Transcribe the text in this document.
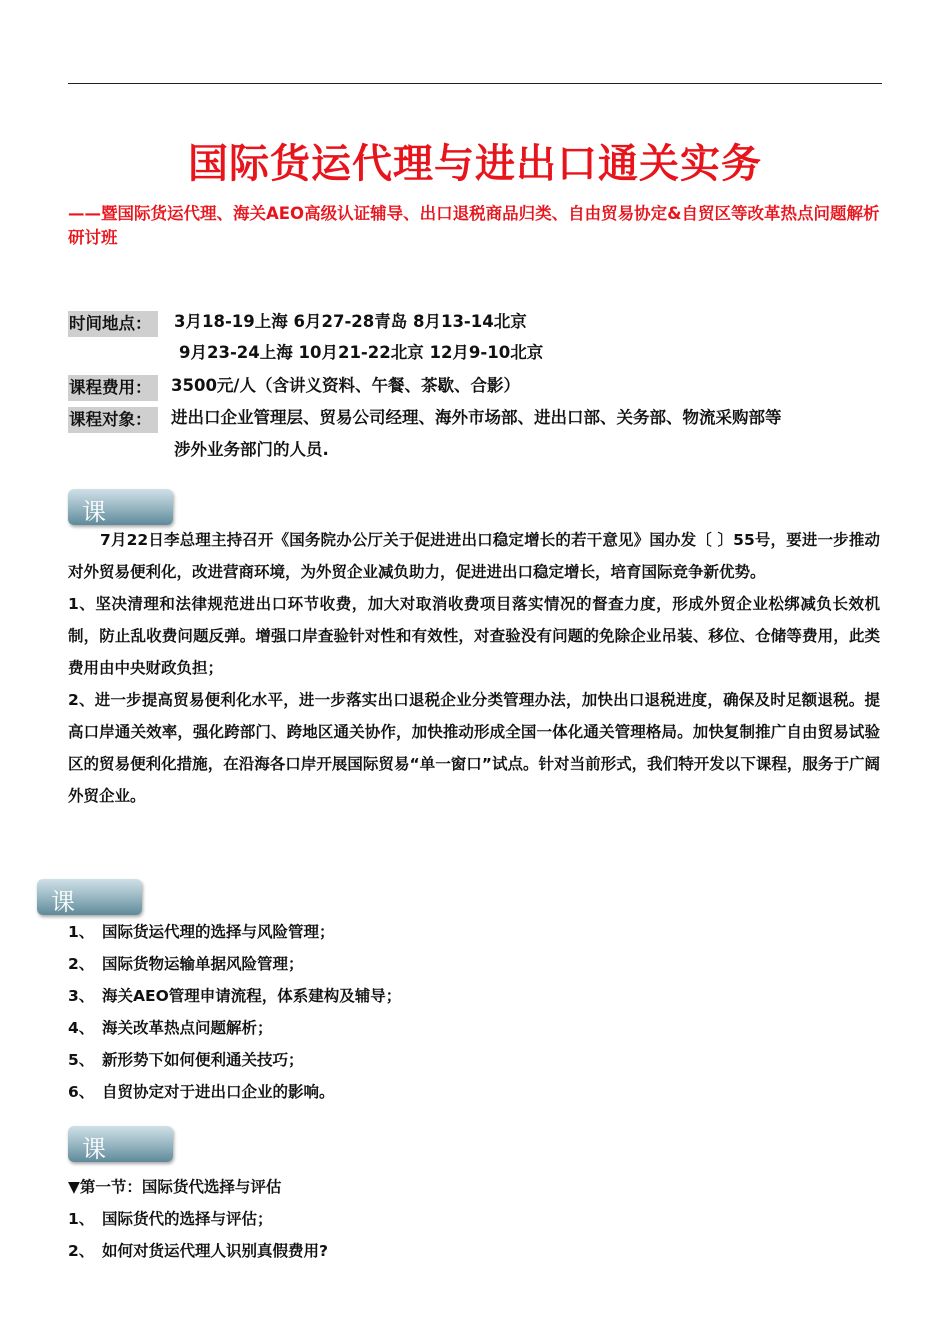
国际货运代理与进出口通关实务
——暨国际货运代理、海关AEO高级认证辅导、出口退税商品归类、自由贸易协定&自贸区等改革热点问题解析研讨班
时间地点：	3月18-19上海 6月27-28青岛 8月13-14北京
9月23-24上海 10月21-22北京 12月9-10北京
课程费用：	3500元/人（含讲义资料、午餐、茶歇、合影）
课程对象：	进出口企业管理层、贸易公司经理、海外市场部、进出口部、关务部、物流采购部等
涉外业务部门的人员.
课

7月22日李总理主持召开《国务院办公厅关于促进进出口稳定增长的若干意见》国办发〔 〕55号，要进一步推动对外贸易便利化，改进营商环境，为外贸企业减负助力，促进进出口稳定增长，培育国际竞争新优势。

1、坚决清理和法律规范进出口环节收费，加大对取消收费项目落实情况的督查力度，形成外贸企业松绑减负长效机制，防止乱收费问题反弹。增强口岸查验针对性和有效性，对查验没有问题的免除企业吊装、移位、仓储等费用，此类费用由中央财政负担；

2、进一步提高贸易便利化水平，进一步落实出口退税企业分类管理办法，加快出口退税进度，确保及时足额退税。提高口岸通关效率，强化跨部门、跨地区通关协作，加快推动形成全国一体化通关管理格局。加快复制推广自由贸易试验区的贸易便利化措施，在沿海各口岸开展国际贸易“单一窗口”试点。针对当前形式，我们特开发以下课程，服务于广阔外贸企业。

课
1、 国际货运代理的选择与风险管理；
2、 国际货物运输单据风险管理；
3、 海关AEO管理申请流程，体系建构及辅导；
4、 海关改革热点问题解析；
5、 新形势下如何便利通关技巧；
6、 自贸协定对于进出口企业的影响。
课
▼第一节：国际货代选择与评估
1、 国际货代的选择与评估；
2、 如何对货运代理人识别真假费用?
